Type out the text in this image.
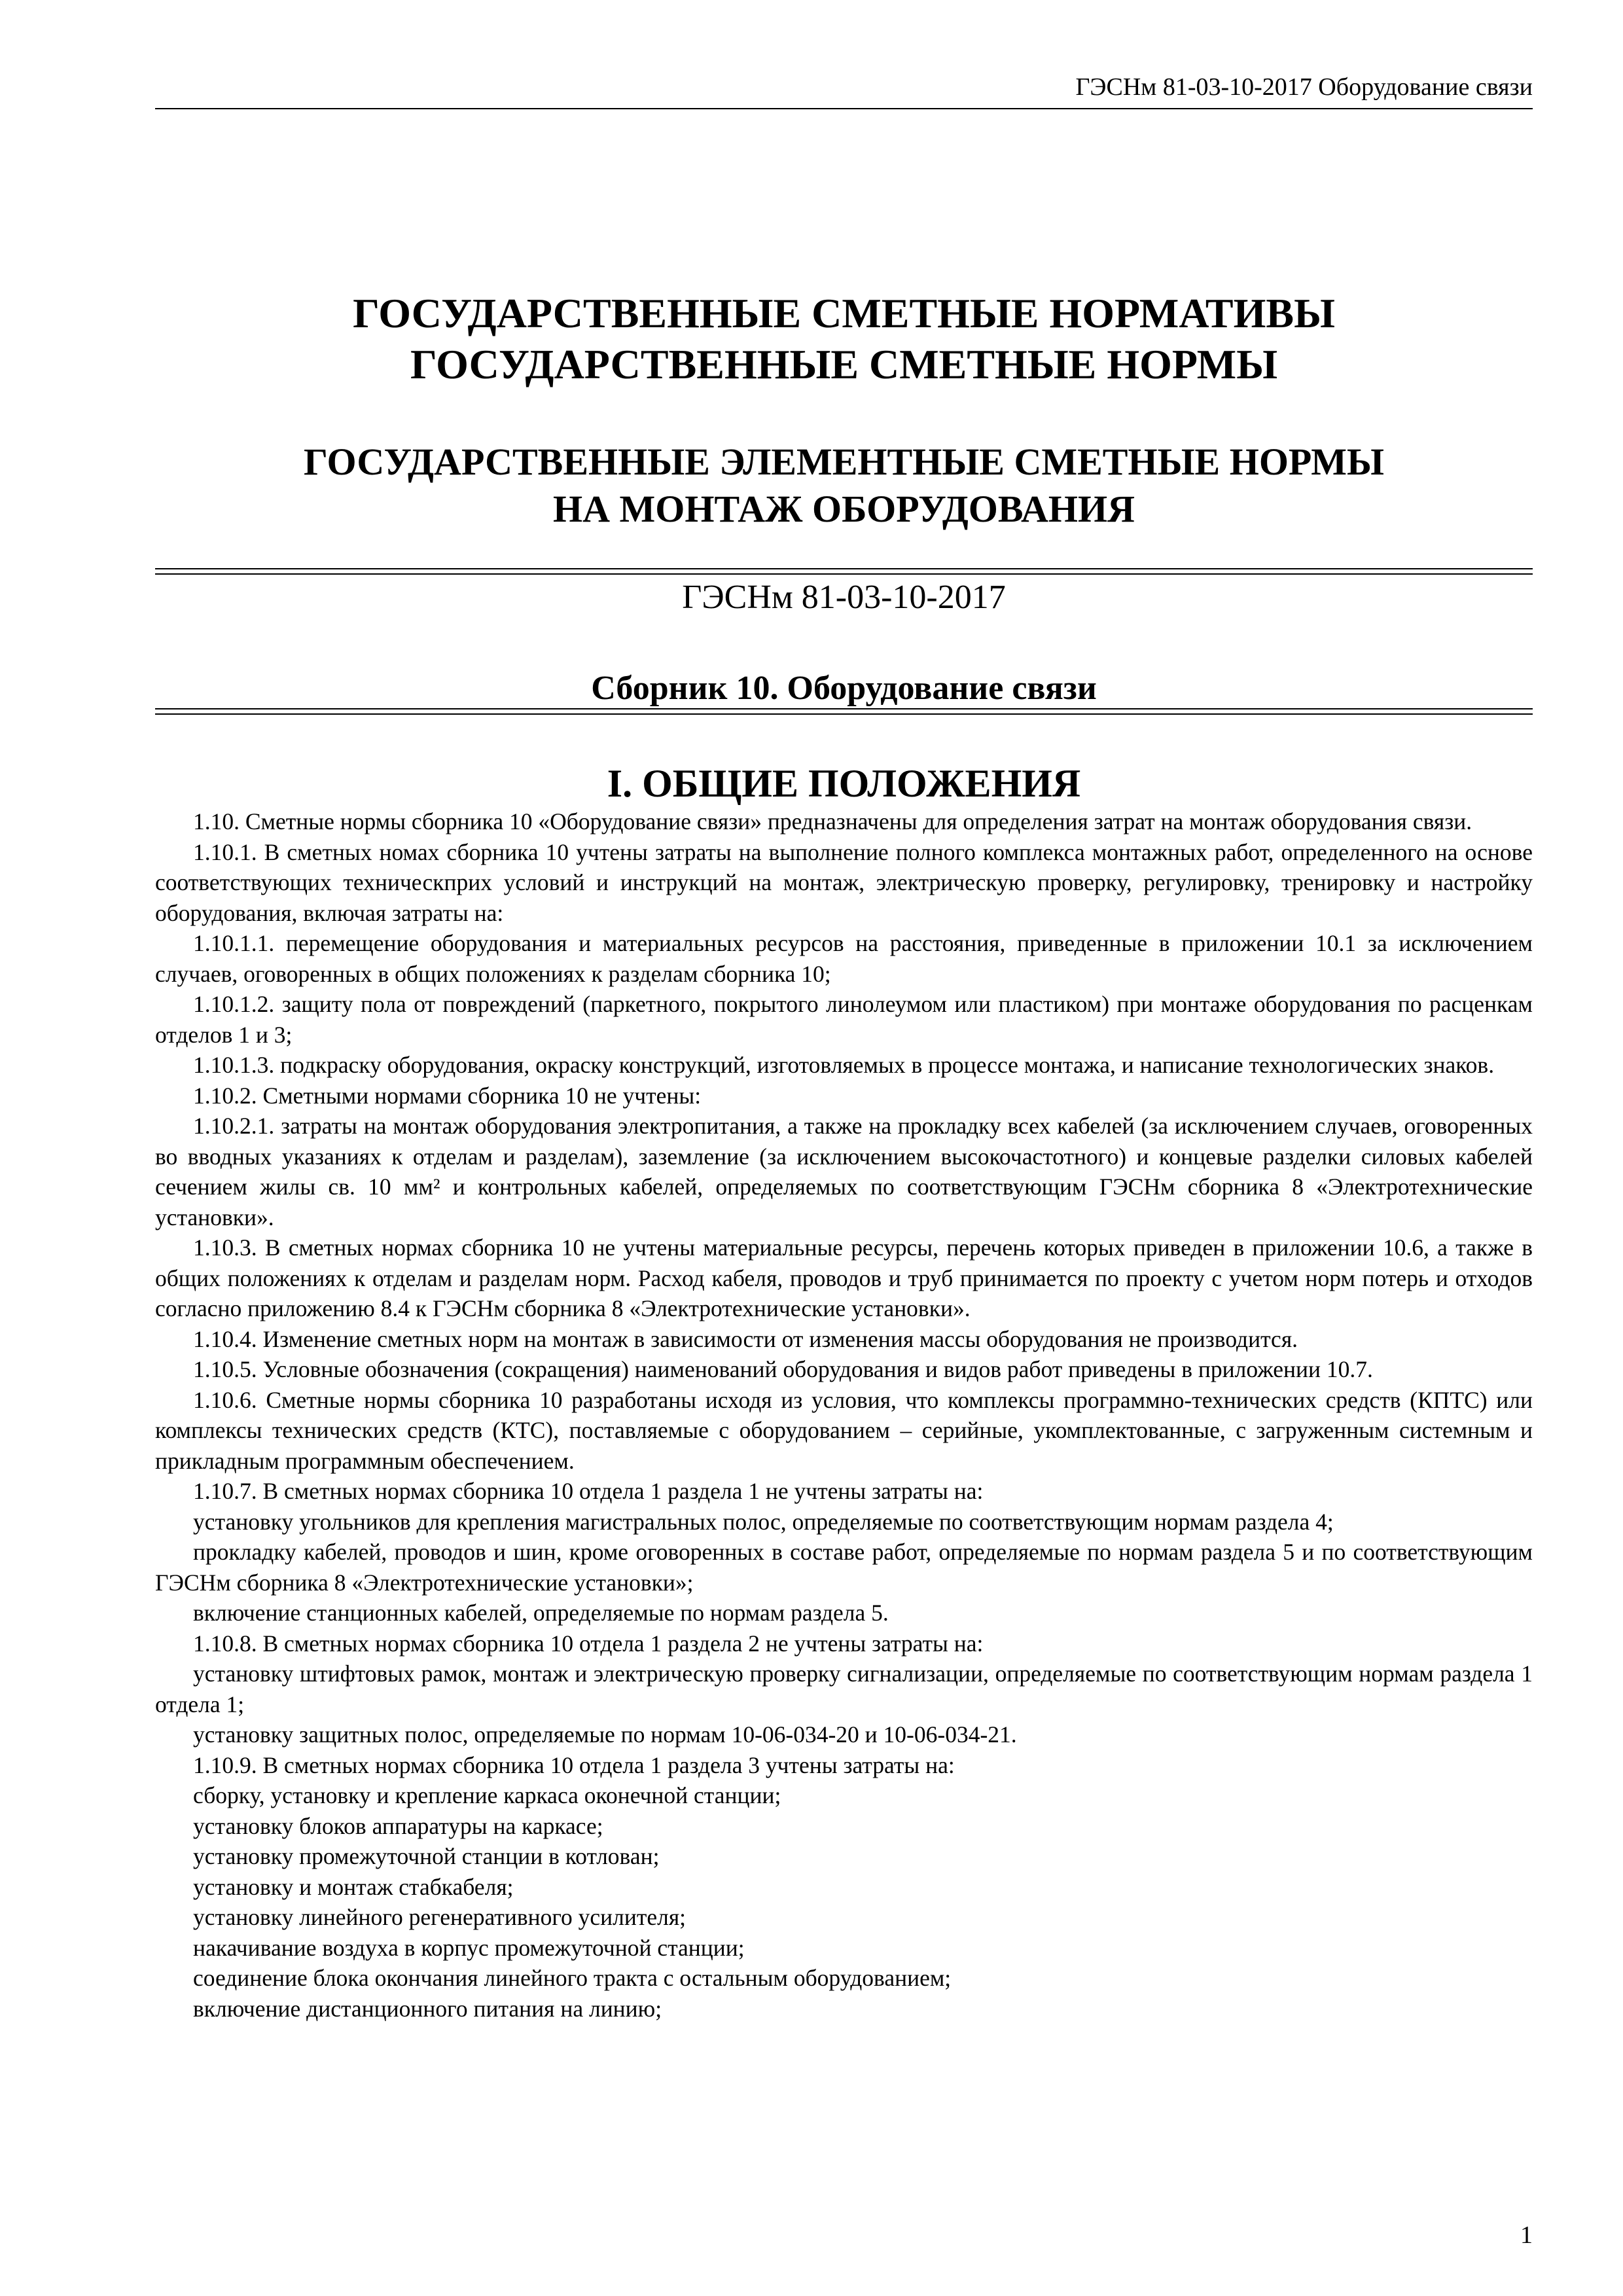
ГЭСНм 81-03-10-2017 Оборудование связи
ГОСУДАРСТВЕННЫЕ СМЕТНЫЕ НОРМАТИВЫ
ГОСУДАРСТВЕННЫЕ СМЕТНЫЕ НОРМЫ
ГОСУДАРСТВЕННЫЕ ЭЛЕМЕНТНЫЕ СМЕТНЫЕ НОРМЫ
НА МОНТАЖ ОБОРУДОВАНИЯ
ГЭСНм 81-03-10-2017
Сборник 10. Оборудование связи
I. ОБЩИЕ ПОЛОЖЕНИЯ

1.10. Сметные нормы сборника 10 «Оборудование связи» предназначены для определения затрат на монтаж оборудования связи.

1.10.1. В сметных номах сборника 10 учтены затраты на выполнение полного комплекса монтажных работ, определенного на основе соответствующих техническприх условий и инструкций на монтаж, электрическую проверку, регулировку, тренировку и настройку оборудования, включая затраты на:

1.10.1.1. перемещение оборудования и материальных ресурсов на расстояния, приведенные в приложении 10.1 за исключением случаев, оговоренных в общих положениях к разделам сборника 10;

1.10.1.2. защиту пола от повреждений (паркетного, покрытого линолеумом или пластиком) при монтаже оборудования по расценкам отделов 1 и 3;

1.10.1.3. подкраску оборудования, окраску конструкций, изготовляемых в процессе монтажа, и написание технологических знаков.

1.10.2. Сметными нормами сборника 10 не учтены:

1.10.2.1. затраты на монтаж оборудования электропитания, а также на прокладку всех кабелей (за исключением случаев, оговоренных во вводных указаниях к отделам и разделам), заземление (за исключением высокочастотного) и концевые разделки силовых кабелей сечением жилы св. 10 мм² и контрольных кабелей, определяемых по соответствующим ГЭСНм сборника 8 «Электротехнические установки».

1.10.3. В сметных нормах сборника 10 не учтены материальные ресурсы, перечень которых приведен в приложении 10.6, а также в общих положениях к отделам и разделам норм. Расход кабеля, проводов и труб принимается по проекту с учетом норм потерь и отходов согласно приложению 8.4 к ГЭСНм сборника 8 «Электротехнические установки».

1.10.4. Изменение сметных норм на монтаж в зависимости от изменения массы оборудования не производится.

1.10.5. Условные обозначения (сокращения) наименований оборудования и видов работ приведены в приложении 10.7.

1.10.6. Сметные нормы сборника 10 разработаны исходя из условия, что комплексы программно-технических средств (КПТС) или комплексы технических средств (КТС), поставляемые с оборудованием – серийные, укомплектованные, с загруженным системным и прикладным программным обеспечением.

1.10.7. В сметных нормах сборника 10 отдела 1 раздела 1 не учтены затраты на:

установку угольников для крепления магистральных полос, определяемые по соответствующим нормам раздела 4;

прокладку кабелей, проводов и шин, кроме оговоренных в составе работ, определяемые по нормам раздела 5 и по соответствующим ГЭСНм сборника 8 «Электротехнические установки»;

включение станционных кабелей, определяемые по нормам раздела 5.

1.10.8. В сметных нормах сборника 10 отдела 1 раздела 2 не учтены затраты на:

установку штифтовых рамок, монтаж и электрическую проверку сигнализации, определяемые по соответствующим нормам раздела 1 отдела 1;

установку защитных полос, определяемые по нормам 10-06-034-20 и 10-06-034-21.

1.10.9. В сметных нормах сборника 10 отдела 1 раздела 3 учтены затраты на:

сборку, установку и крепление каркаса оконечной станции;

установку блоков аппаратуры на каркасе;

установку промежуточной станции в котлован;

установку и монтаж стабкабеля;

установку линейного регенеративного усилителя;

накачивание воздуха в корпус промежуточной станции;

соединение блока окончания линейного тракта с остальным оборудованием;

включение дистанционного питания на линию;

1
